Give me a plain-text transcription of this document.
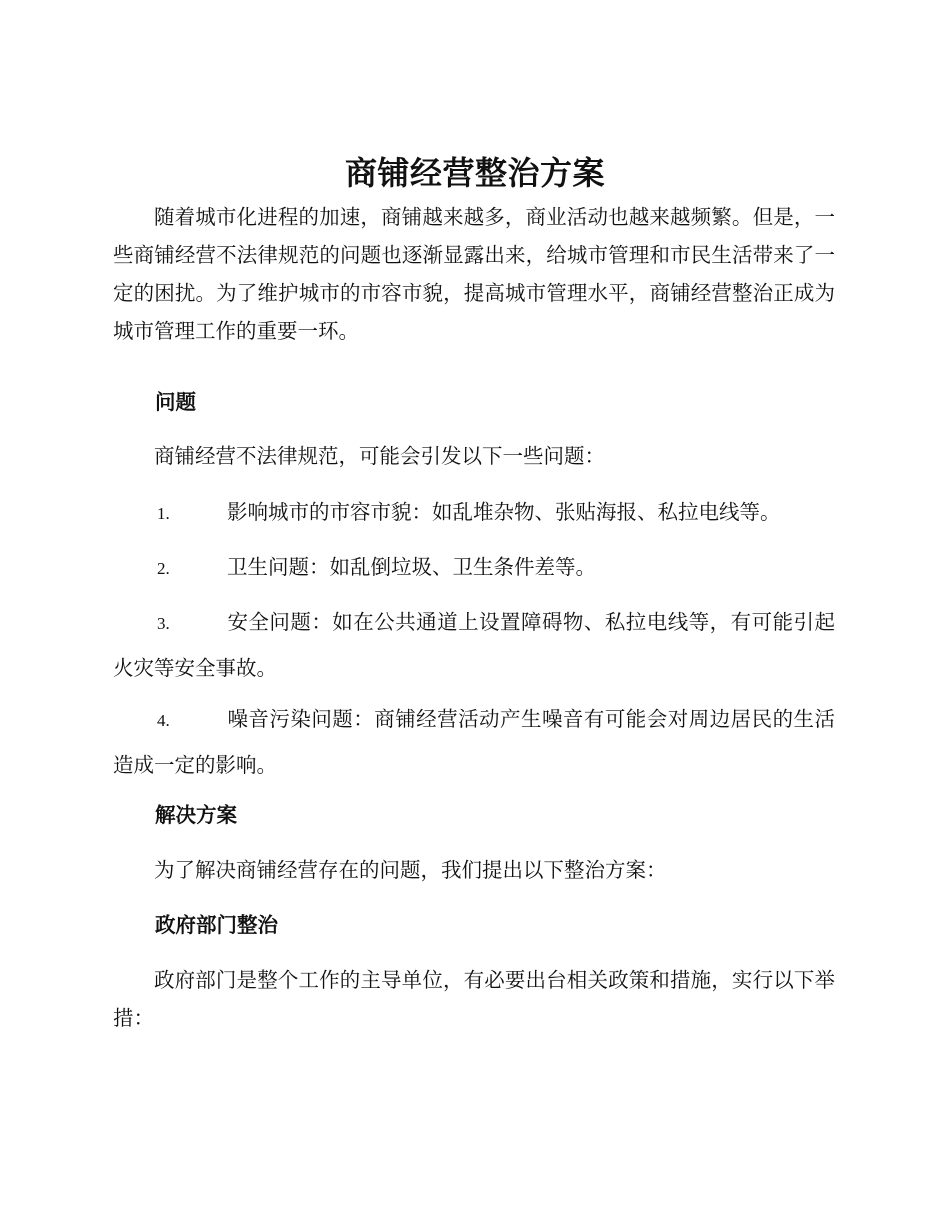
商铺经营整治方案

随着城市化进程的加速，商铺越来越多，商业活动也越来越频繁。但是，一些商铺经营不法律规范的问题也逐渐显露出来，给城市管理和市民生活带来了一定的困扰。为了维护城市的市容市貌，提高城市管理水平，商铺经营整治正成为城市管理工作的重要一环。

问题

商铺经营不法律规范，可能会引发以下一些问题：

1.	影响城市的市容市貌：如乱堆杂物、张贴海报、私拉电线等。
2.	卫生问题：如乱倒垃圾、卫生条件差等。
3.	安全问题：如在公共通道上设置障碍物、私拉电线等，有可能引起火灾等安全事故。
4.	噪音污染问题：商铺经营活动产生噪音有可能会对周边居民的生活造成一定的影响。
解决方案

为了解决商铺经营存在的问题，我们提出以下整治方案：

政府部门整治

政府部门是整个工作的主导单位，有必要出台相关政策和措施，实行以下举措：
